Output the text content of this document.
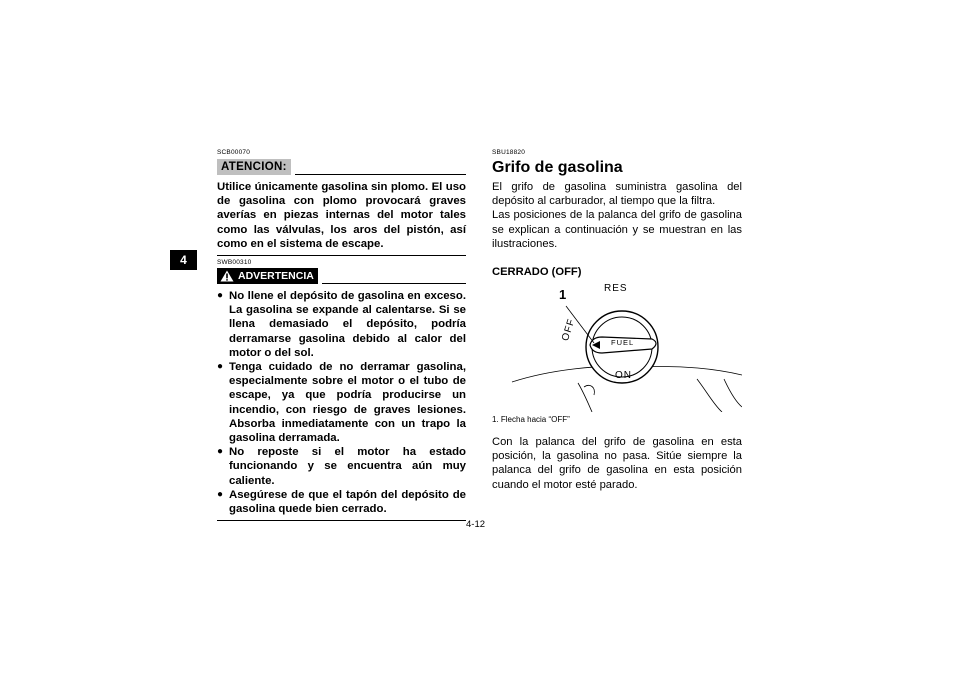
4
SCB00070
ATENCION:

Utilice únicamente gasolina sin plomo. El uso de gasolina con plomo provocará graves averías en piezas internas del motor tales como las válvulas, los aros del pistón, así como en el sistema de escape.

SWB00310
ADVERTENCIA
● No llene el depósito de gasolina en exceso. La gasolina se expande al calentarse. Si se llena demasiado el depósito, podría derramarse gasolina debido al calor del motor o del sol.
● Tenga cuidado de no derramar gasolina, especialmente sobre el motor o el tubo de escape, ya que podría producirse un incendio, con riesgo de graves lesiones. Absorba inmediatamente con un trapo la gasolina derramada.
● No reposte si el motor ha estado funcionando y se encuentra aún muy caliente.
● Asegúrese de que el tapón del depósito de gasolina quede bien cerrado.
SBU18820
Grifo de gasolina

El grifo de gasolina suministra gasolina del depósito al carburador, al tiempo que la filtra.

Las posiciones de la palanca del grifo de gasolina se explican a continuación y se muestran en las ilustraciones.

CERRADO (OFF)
1	RES
OFF
ON
FUEL
1. Flecha hacia “OFF”

Con la palanca del grifo de gasolina en esta posición, la gasolina no pasa. Sitúe siempre la palanca del grifo de gasolina en esta posición cuando el motor esté parado.

4-12
